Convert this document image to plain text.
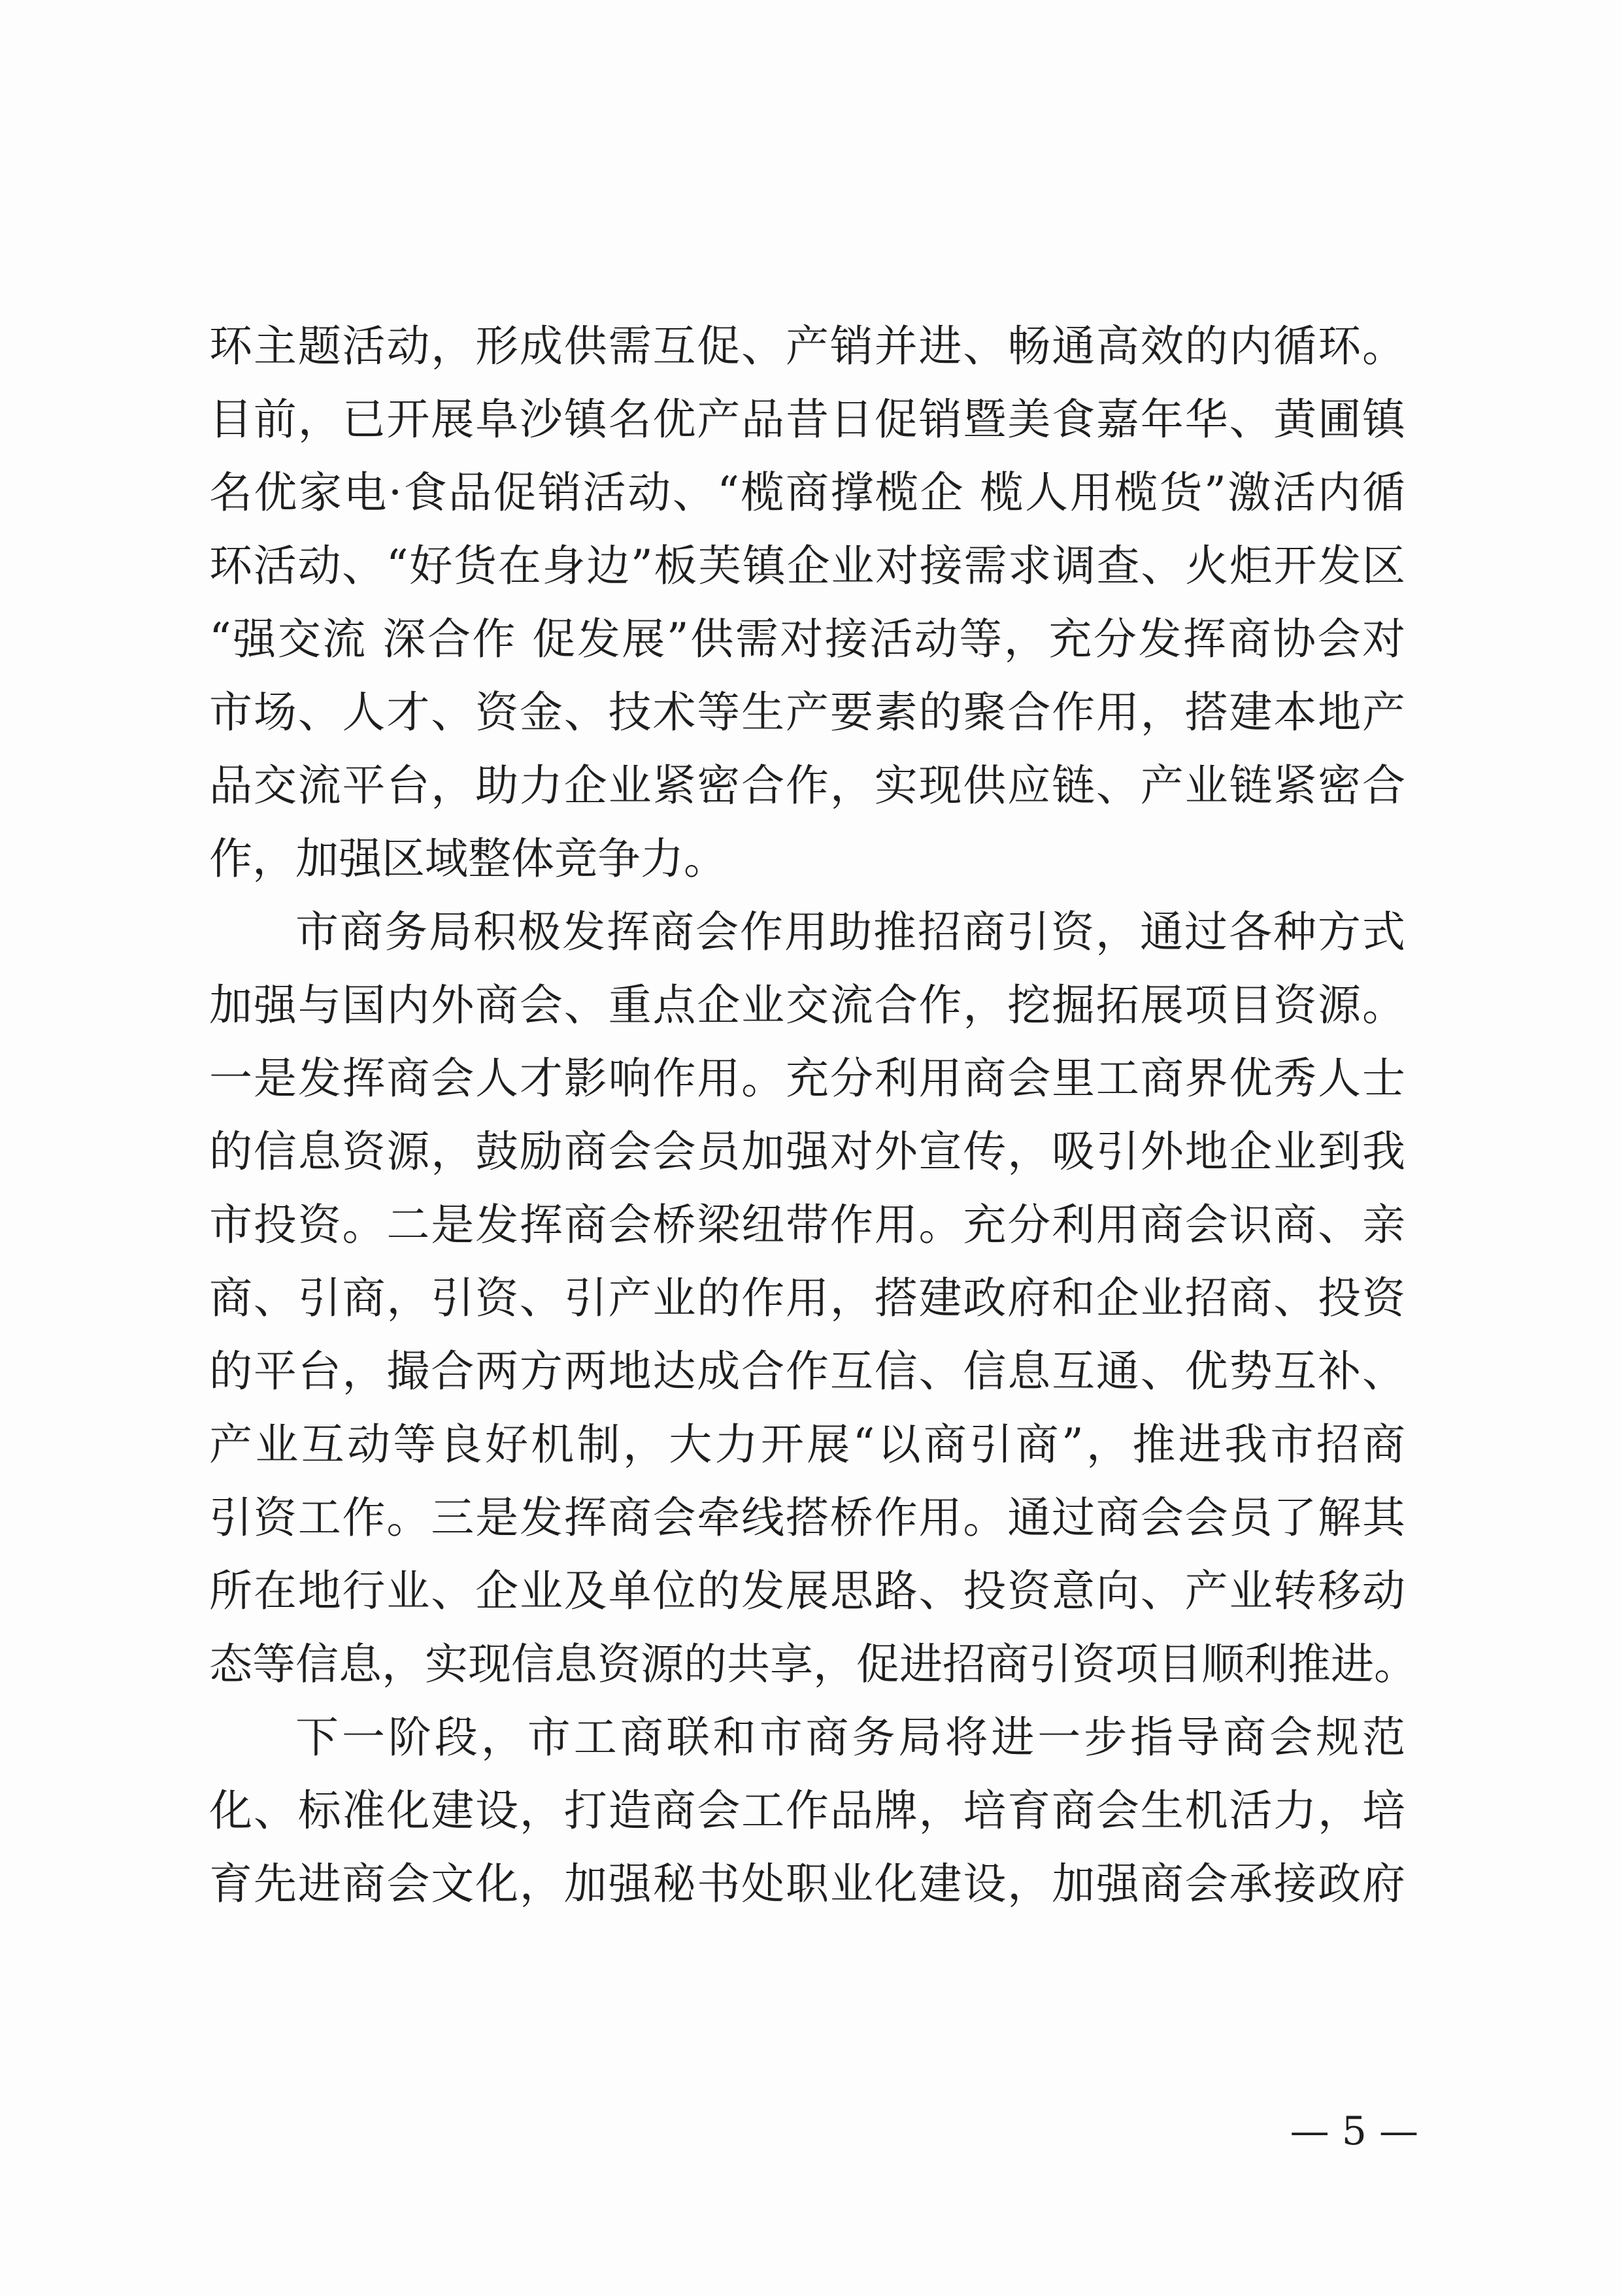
环主题活动，形成供需互促、产销并进、畅通高效的内循环。
目前，已开展阜沙镇名优产品昔日促销暨美食嘉年华、黄圃镇
名优家电·食品促销活动、“榄商撑榄企 榄人用榄货”激活内循
环活动、“好货在身边”板芙镇企业对接需求调查、火炬开发区
“强交流 深合作 促发展”供需对接活动等，充分发挥商协会对
市场、人才、资金、技术等生产要素的聚合作用，搭建本地产
品交流平台，助力企业紧密合作，实现供应链、产业链紧密合
作，加强区域整体竞争力。
市商务局积极发挥商会作用助推招商引资，通过各种方式
加强与国内外商会、重点企业交流合作，挖掘拓展项目资源。
一是发挥商会人才影响作用。充分利用商会里工商界优秀人士
的信息资源，鼓励商会会员加强对外宣传，吸引外地企业到我
市投资。二是发挥商会桥梁纽带作用。充分利用商会识商、亲
商、引商，引资、引产业的作用，搭建政府和企业招商、投资
的平台，撮合两方两地达成合作互信、信息互通、优势互补、
产业互动等良好机制，大力开展“以商引商”，推进我市招商
引资工作。三是发挥商会牵线搭桥作用。通过商会会员了解其
所在地行业、企业及单位的发展思路、投资意向、产业转移动
态等信息，实现信息资源的共享，促进招商引资项目顺利推进。
下一阶段，市工商联和市商务局将进一步指导商会规范
化、标准化建设，打造商会工作品牌，培育商会生机活力，培
育先进商会文化，加强秘书处职业化建设，加强商会承接政府
— 5 —
